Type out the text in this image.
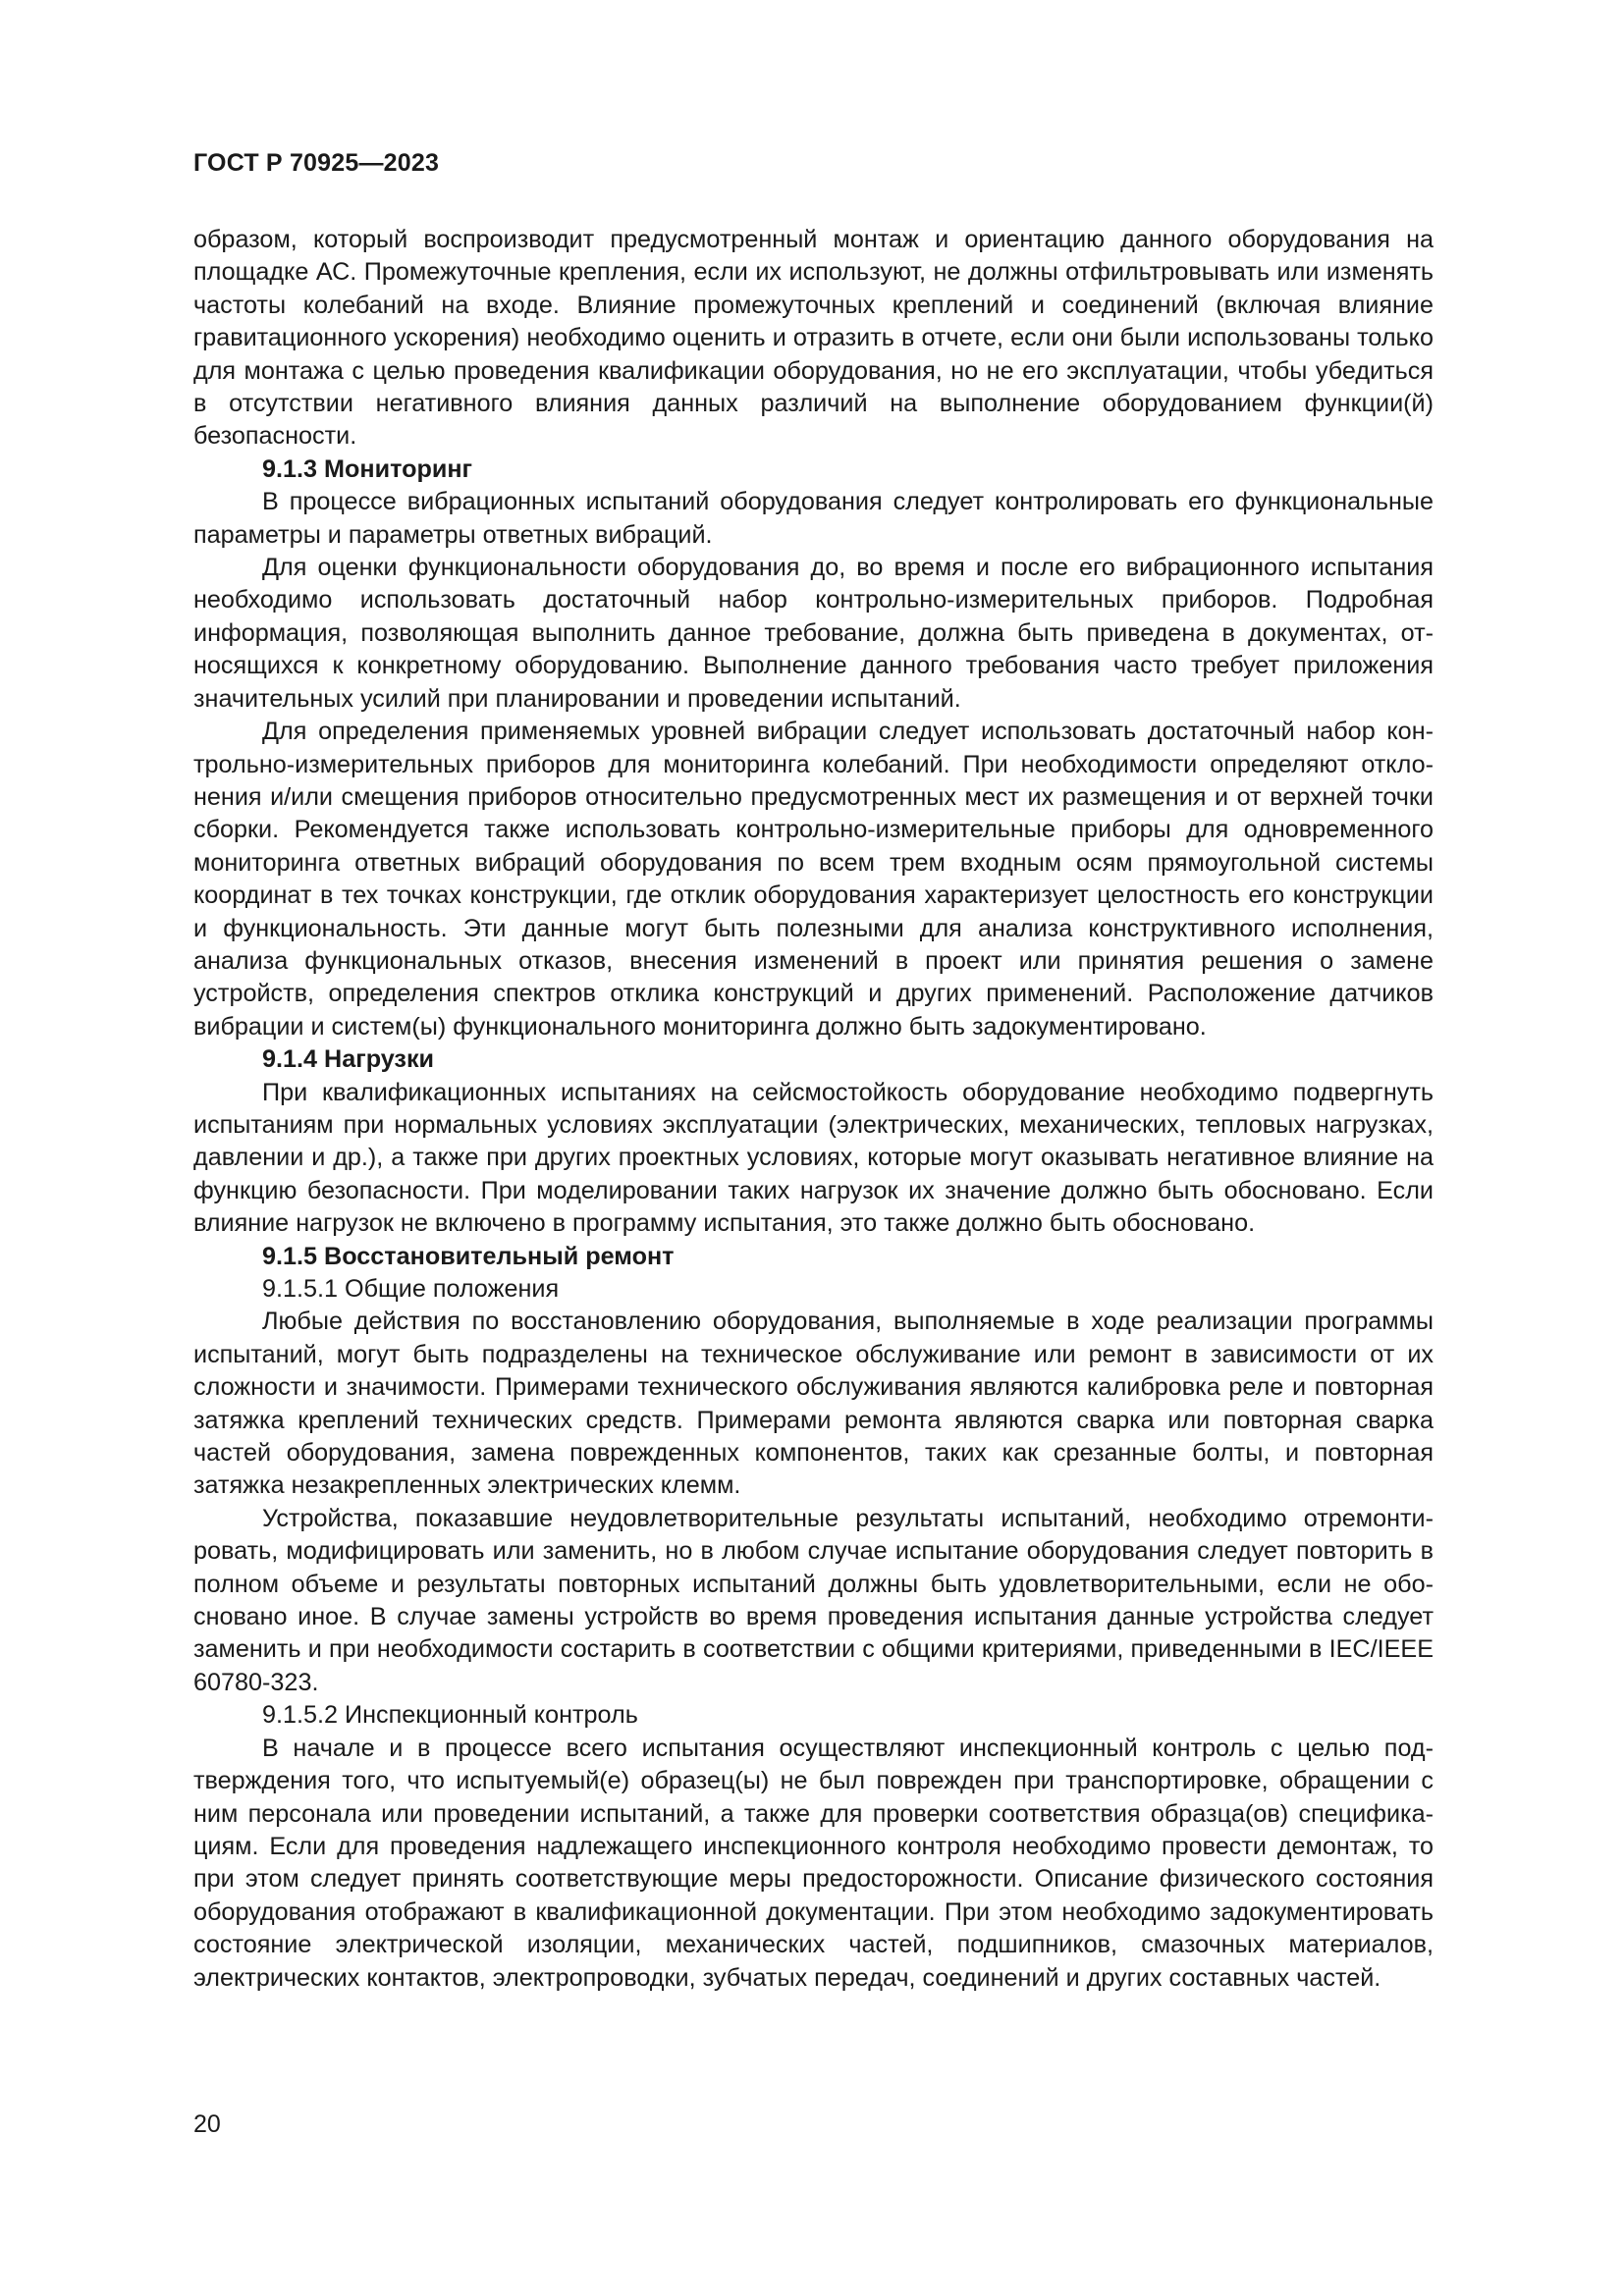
ГОСТ Р 70925—2023

образом, который воспроизводит предусмотренный монтаж и ориентацию данного оборудования на площадке АС. Промежуточные крепления, если их используют, не должны отфильтровывать или изменять частоты колебаний на входе. Влияние промежуточных креплений и соединений (включая влияние гравитационного ускорения) необходимо оценить и отразить в отчете, если они были использованы только для монтажа с целью проведения квалификации оборудования, но не его эксплуатации, чтобы убедиться в отсутствии негативного влияния данных различий на выполнение оборудованием функции(й) безопасности.

9.1.3 Мониторинг

В процессе вибрационных испытаний оборудования следует контролировать его функциональные параметры и параметры ответных вибраций.

Для оценки функциональности оборудования до, во время и после его вибрационного испытания необходимо использовать достаточный набор контрольно-измерительных приборов. Подробная информация, позволяющая выполнить данное требование, должна быть приведена в документах, относящихся к конкретному оборудованию. Выполнение данного требования часто требует приложения значительных усилий при планировании и проведении испытаний.

Для определения применяемых уровней вибрации следует использовать достаточный набор контрольно-измерительных приборов для мониторинга колебаний. При необходимости определяют отклонения и/или смещения приборов относительно предусмотренных мест их размещения и от верхней точки сборки. Рекомендуется также использовать контрольно-измерительные приборы для одновременного мониторинга ответных вибраций оборудования по всем трем входным осям прямоугольной системы координат в тех точках конструкции, где отклик оборудования характеризует целостность его конструкции и функциональность. Эти данные могут быть полезными для анализа конструктивного исполнения, анализа функциональных отказов, внесения изменений в проект или принятия решения о замене устройств, определения спектров отклика конструкций и других применений. Расположение датчиков вибрации и систем(ы) функционального мониторинга должно быть задокументировано.

9.1.4 Нагрузки

При квалификационных испытаниях на сейсмостойкость оборудование необходимо подвергнуть испытаниям при нормальных условиях эксплуатации (электрических, механических, тепловых нагрузках, давлении и др.), а также при других проектных условиях, которые могут оказывать негативное влияние на функцию безопасности. При моделировании таких нагрузок их значение должно быть обосновано. Если влияние нагрузок не включено в программу испытания, это также должно быть обосновано.

9.1.5 Восстановительный ремонт
9.1.5.1 Общие положения

Любые действия по восстановлению оборудования, выполняемые в ходе реализации программы испытаний, могут быть подразделены на техническое обслуживание или ремонт в зависимости от их сложности и значимости. Примерами технического обслуживания являются калибровка реле и повторная затяжка креплений технических средств. Примерами ремонта являются сварка или повторная сварка частей оборудования, замена поврежденных компонентов, таких как срезанные болты, и повторная затяжка незакрепленных электрических клемм.

Устройства, показавшие неудовлетворительные результаты испытаний, необходимо отремонтировать, модифицировать или заменить, но в любом случае испытание оборудования следует повторить в полном объеме и результаты повторных испытаний должны быть удовлетворительными, если не обосновано иное. В случае замены устройств во время проведения испытания данные устройства следует заменить и при необходимости состарить в соответствии с общими критериями, приведенными в IEC/IEEE 60780-323.

9.1.5.2 Инспекционный контроль

В начале и в процессе всего испытания осуществляют инспекционный контроль с целью подтверждения того, что испытуемый(е) образец(ы) не был поврежден при транспортировке, обращении с ним персонала или проведении испытаний, а также для проверки соответствия образца(ов) спецификациям. Если для проведения надлежащего инспекционного контроля необходимо провести демонтаж, то при этом следует принять соответствующие меры предосторожности. Описание физического состояния оборудования отображают в квалификационной документации. При этом необходимо задокументировать состояние электрической изоляции, механических частей, подшипников, смазочных материалов, электрических контактов, электропроводки, зубчатых передач, соединений и других составных частей.

20
